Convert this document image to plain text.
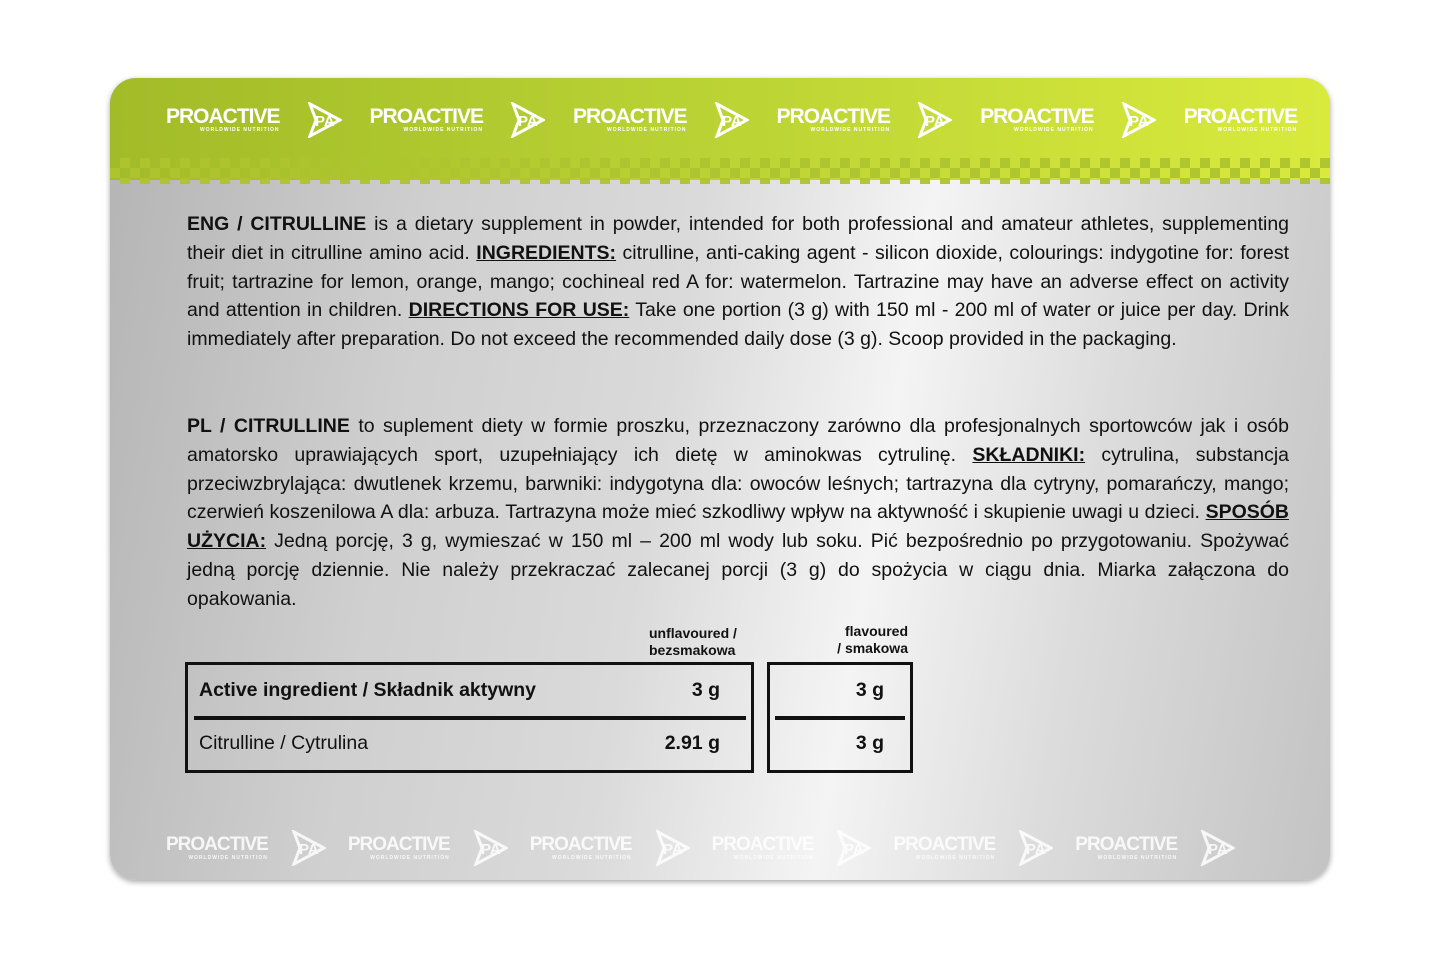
PROACTIVE
WORLDWIDE NUTRITION PA PROACTIVE
WORLDWIDE NUTRITION PA PROACTIVE
WORLDWIDE NUTRITION PA PROACTIVE
WORLDWIDE NUTRITION PA PROACTIVE
WORLDWIDE NUTRITION PA PROACTIVE
WORLDWIDE NUTRITION
ENG / CITRULLINE is a dietary supplement in powder, intended for both professional and amateur athletes, supplementing their diet in citrulline amino acid. INGREDIENTS: citrulline, anti-caking agent - silicon dioxide, colourings: indygotine for: forest fruit; tartrazine for lemon, orange, mango; cochineal red A for: watermelon. Tartrazine may have an adverse effect on activity and attention in children. DIRECTIONS FOR USE: Take one portion (3 g) with 150 ml - 200 ml of water or juice per day. Drink immediately after preparation. Do not exceed the recommended daily dose (3 g). Scoop provided in the packaging.
PL / CITRULLINE to suplement diety w formie proszku, przeznaczony zarówno dla profesjonalnych sportowców jak i osób amatorsko uprawiających sport, uzupełniający ich dietę w aminokwas cytrulinę. SKŁADNIKI: cytrulina, substancja przeciwzbrylająca: dwutlenek krzemu, barwniki: indygotyna dla: owoców leśnych; tartrazyna dla cytryny, pomarańczy, mango; czerwień koszenilowa A dla: arbuza. Tartrazyna może mieć szkodliwy wpływ na aktywność i skupienie uwagi u dzieci. SPOSÓB UŻYCIA: Jedną porcję, 3 g, wymieszać w 150 ml – 200 ml wody lub soku. Pić bezpośrednio po przygotowaniu. Spożywać jedną porcję dziennie. Nie należy przekraczać zalecanej porcji (3 g) do spożycia w ciągu dnia. Miarka załączona do opakowania.
unflavoured /
bezsmakowa
flavoured
/ smakowa
Active ingredient / Składnik aktywny	3 g
Citrulline / Cytrulina	2.91 g
3 g
3 g
PROACTIVE
WORLDWIDE NUTRITION PA PROACTIVE
WORLDWIDE NUTRITION PA PROACTIVE
WORLDWIDE NUTRITION PA PROACTIVE
WORLDWIDE NUTRITION PA PROACTIVE
WORLDWIDE NUTRITION PA PROACTIVE
WORLDWIDE NUTRITION PA
